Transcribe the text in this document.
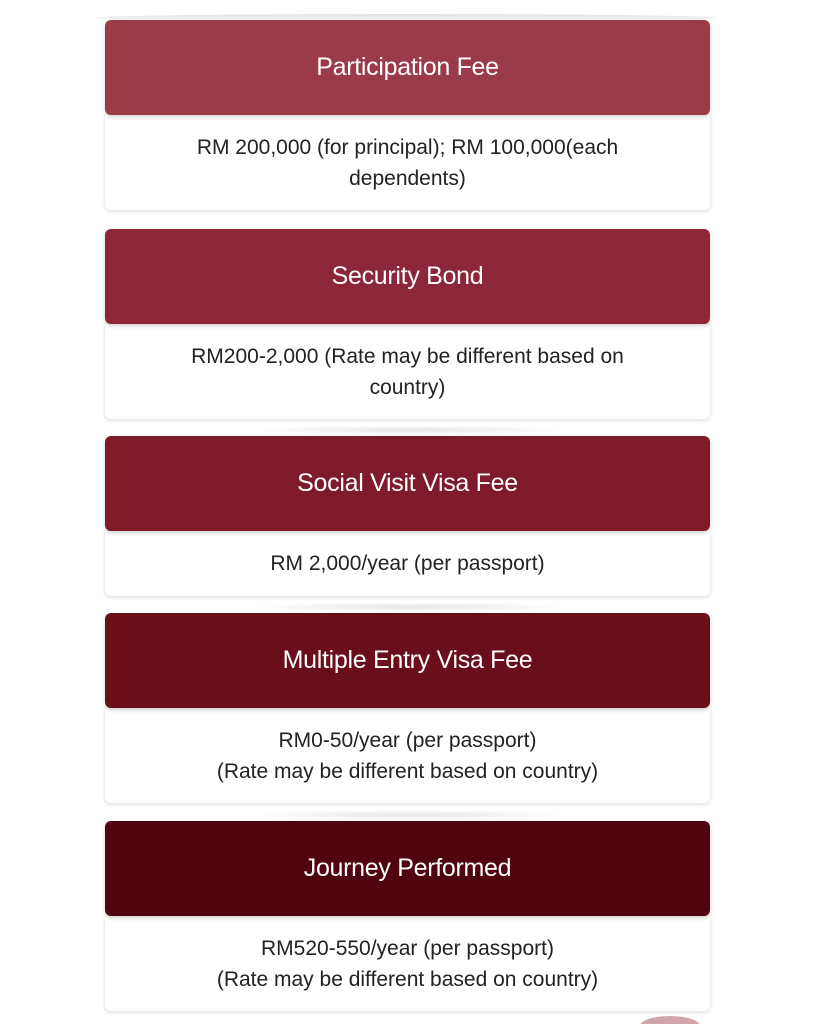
Participation Fee
RM 200,000 (for principal); RM 100,000(each
dependents)
Security Bond
RM200-2,000 (Rate may be different based on
country)
Social Visit Visa Fee
RM 2,000/year (per passport)
Multiple Entry Visa Fee
RM0-50/year (per passport)
(Rate may be different based on country)
Journey Performed
RM520-550/year (per passport)
(Rate may be different based on country)
